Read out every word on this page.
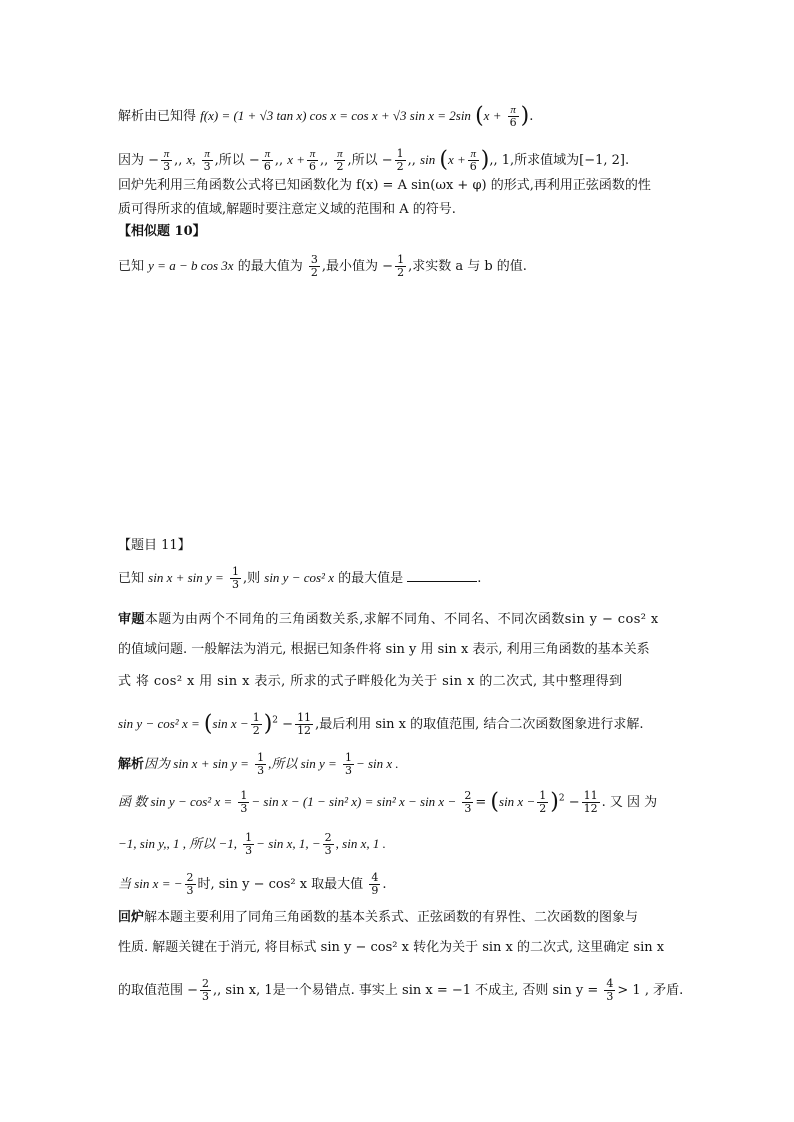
解析由已知得 f(x) = (1 + √3 tan x) cos x = cos x + √3 sin x = 2sin ($x + \frac{\pi}{6}$ ).
因为 − $\frac{\pi}{3}$ ,, x, $\frac{\pi}{3}$ ,所以 − $\frac{\pi}{6}$ ,, $x + \frac{\pi}{6}$ ,, $\frac{\pi}{2}$ ,所以 − $\frac{1}{2}$ ,, $\sin (x + \frac{\pi}{6}$ ),, 1,所求值域为[−1, 2].
回炉先利用三角函数公式将已知函数化为 f(x) = A sin(ωx + φ) 的形式,再利用正弦函数的性
质可得所求的值域,解题时要注意定义域的范围和 A 的符号.
【相似题 10】
已知 y = a − b cos 3x 的最大值为 $\frac{3}{2}$ ,最小值为 − $\frac{1}{2}$ ,求实数 a 与 b 的值.
【题目 11】
已知 $\sin x + \sin y = \frac{1}{3}$ ,则 sin y − cos² x 的最大值是	.
审题本题为由两个不同角的三角函数关系,求解不同角、不同名、不同次函数sin y − cos² x
的值域问题. 一般解法为消元, 根据已知条件将 sin y 用 sin x 表示, 利用三角函数的基本关系
式 将 cos² x 用 sin x 表示, 所求的式子畔般化为关于 sin x 的二次式, 其中整理得到
sin y − cos² x = (sin $x - \frac{1}{2} )^2 - \frac{11}{12}$ ,最后利用 sin x 的取值范围, 结合二次函数图象进行求解.
解析因为 $\sin x + \sin y = \frac{1}{3}$ ,所以 $\sin y = \frac{1}{3} - \sin x$ .
函 数 sin y − cos² $x = \frac{1}{3} - \sin x - (1 - \sin^2$ x) = sin² $x - \sin x - \frac{2}{3} = (\sin$ $x - \frac{1}{2} )^2 - \frac{11}{12}$ . 又 因 为
−1, sin y,, 1 , 所以 −1, $\frac{1}{3} - \sin x$, 1, − $\frac{2}{3}$ , sin x, 1 .
当 sin x = − $\frac{2}{3}$ 时, sin y − cos² x 取最大值 $\frac{4}{9}$ .
回炉解本题主要利用了同角三角函数的基本关系式、正弦函数的有界性、二次函数的图象与
性质. 解题关键在于消元, 将目标式 sin y − cos² x 转化为关于 sin x 的二次式, 这里确定 sin x
的取值范围 − $\frac{2}{3}$ ,, sin x, 1是一个易错点. 事实上 sin x = −1 不成主, 否则 $\sin y = \frac{4}{3} > 1$ , 矛盾.
